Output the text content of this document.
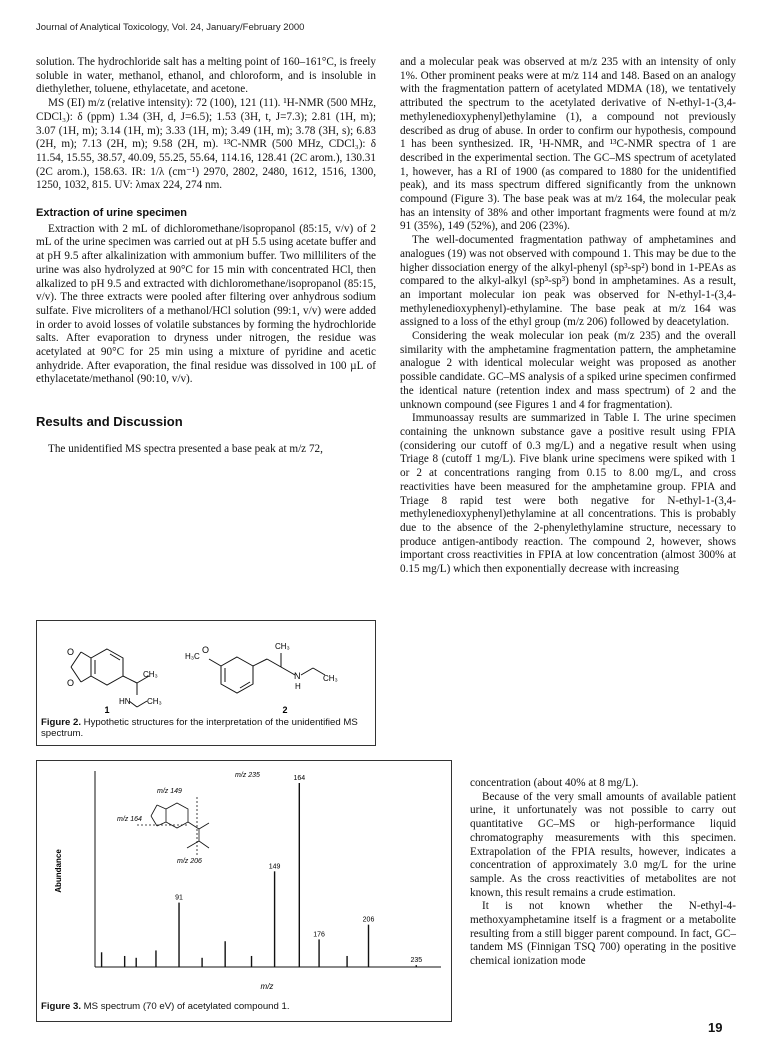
Journal of Analytical Toxicology, Vol. 24, January/February 2000

solution. The hydrochloride salt has a melting point of 160–161°C, is freely soluble in water, methanol, ethanol, and chloroform, and is insoluble in diethylether, toluene, ethylacetate, and acetone.

MS (EI) m/z (relative intensity): 72 (100), 121 (11). ¹H-NMR (500 MHz, CDCl₃): δ (ppm) 1.34 (3H, d, J=6.5); 1.53 (3H, t, J=7.3); 2.81 (1H, m); 3.07 (1H, m); 3.14 (1H, m); 3.33 (1H, m); 3.49 (1H, m); 3.78 (3H, s); 6.83 (2H, m); 7.13 (2H, m); 9.58 (2H, m). ¹³C-NMR (500 MHz, CDCl₃): δ 11.54, 15.55, 38.57, 40.09, 55.25, 55.64, 114.16, 128.41 (2C arom.), 130.31 (2C arom.), 158.63. IR: 1/λ (cm⁻¹) 2970, 2802, 2480, 1612, 1516, 1300, 1250, 1032, 815. UV: λmax 224, 274 nm.

Extraction of urine specimen

Extraction with 2 mL of dichloromethane/isopropanol (85:15, v/v) of 2 mL of the urine specimen was carried out at pH 5.5 using acetate buffer and at pH 9.5 after alkalinization with ammonium buffer. Two milliliters of the urine was also hydrolyzed at 90°C for 15 min with concentrated HCl, then alkalized to pH 9.5 and extracted with dichloromethane/isopropanol (85:15, v/v). The three extracts were pooled after filtering over anhydrous sodium sulfate. Five microliters of a methanol/HCl solution (99:1, v/v) were added in order to avoid losses of volatile substances by forming the hydrochloride salts. After evaporation to dryness under nitrogen, the residue was acetylated at 90°C for 25 min using a mixture of pyridine and acetic anhydride. After evaporation, the final residue was dissolved in 100 µL of ethylacetate/methanol (90:10, v/v).

Results and Discussion

The unidentified MS spectra presented a base peak at m/z 72,

O
O
CH₃
HN CH₃
H₃C
O	CH₃
N
H
CH₃
1	2
Figure 2. Hypothetic structures for the interpretation of the unidentified MS spectrum.

and a molecular peak was observed at m/z 235 with an intensity of only 1%. Other prominent peaks were at m/z 114 and 148. Based on an analogy with the fragmentation pattern of acetylated MDMA (18), we tentatively attributed the spectrum to the acetylated derivative of N-ethyl-1-(3,4-methylenedioxyphenyl)ethylamine (1), a compound not previously described as drug of abuse. In order to confirm our hypothesis, compound 1 has been synthesized. IR, ¹H-NMR, and ¹³C-NMR spectra of 1 are described in the experimental section. The GC–MS spectrum of acetylated 1, however, has a RI of 1900 (as compared to 1880 for the unidentified peak), and its mass spectrum differed significantly from the unknown compound (Figure 3). The base peak was at m/z 164, the molecular peak has an intensity of 38% and other important fragments were found at m/z 91 (35%), 149 (52%), and 206 (23%).

The well-documented fragmentation pathway of amphetamines and analogues (19) was not observed with compound 1. This may be due to the higher dissociation energy of the alkyl-phenyl (sp³-sp²) bond in 1-PEAs as compared to the alkyl-alkyl (sp³-sp³) bond in amphetamines. As a result, an important molecular ion peak was observed for N-ethyl-1-(3,4-methylenedioxyphenyl)-ethylamine. The base peak at m/z 164 was assigned to a loss of the ethyl group (m/z 206) followed by deacetylation.

Considering the weak molecular ion peak (m/z 235) and the overall similarity with the amphetamine fragmentation pattern, the amphetamine analogue 2 with identical molecular weight was proposed as another possible candidate. GC–MS analysis of a spiked urine specimen confirmed the identical nature (retention index and mass spectrum) of 2 and the unknown compound (see Figures 1 and 4 for fragmentation).

Immunoassay results are summarized in Table I. The urine specimen containing the unknown substance gave a positive result using FPIA (considering our cutoff of 0.3 mg/L) and a negative result when using Triage 8 (cutoff 1 mg/L). Five blank urine specimens were spiked with 1 or 2 at concentrations ranging from 0.15 to 8.00 mg/L, and cross reactivities have been measured for the amphetamine group. FPIA and Triage 8 rapid test were both negative for N-ethyl-1-(3,4-methylenedioxyphenyl)ethylamine at all concentrations. This is probably due to the absence of the 2-phenylethylamine structure, necessary to produce antigen-antibody reaction. The compound 2, however, shows important cross reactivities in FPIA at low concentration (almost 300% at 0.15 mg/L) which then exponentially decrease with increasing

Abundance
m/z
91
149
164
176
206
235
m/z 235
m/z 149
m/z 164
m/z 206
Figure 3. MS spectrum (70 eV) of acetylated compound 1.

concentration (about 40% at 8 mg/L).

Because of the very small amounts of available patient urine, it unfortunately was not possible to carry out quantitative GC–MS or high-performance liquid chromatography measurements with this specimen. Extrapolation of the FPIA results, however, indicates a concentration of approximately 3.0 mg/L for the urine sample. As the cross reactivities of metabolites are not known, this result remains a crude estimation.

It is not known whether the N-ethyl-4-methoxyamphetamine itself is a fragment or a metabolite resulting from a still bigger parent compound. In fact, GC–tandem MS (Finnigan TSQ 700) operating in the positive chemical ionization mode

19
